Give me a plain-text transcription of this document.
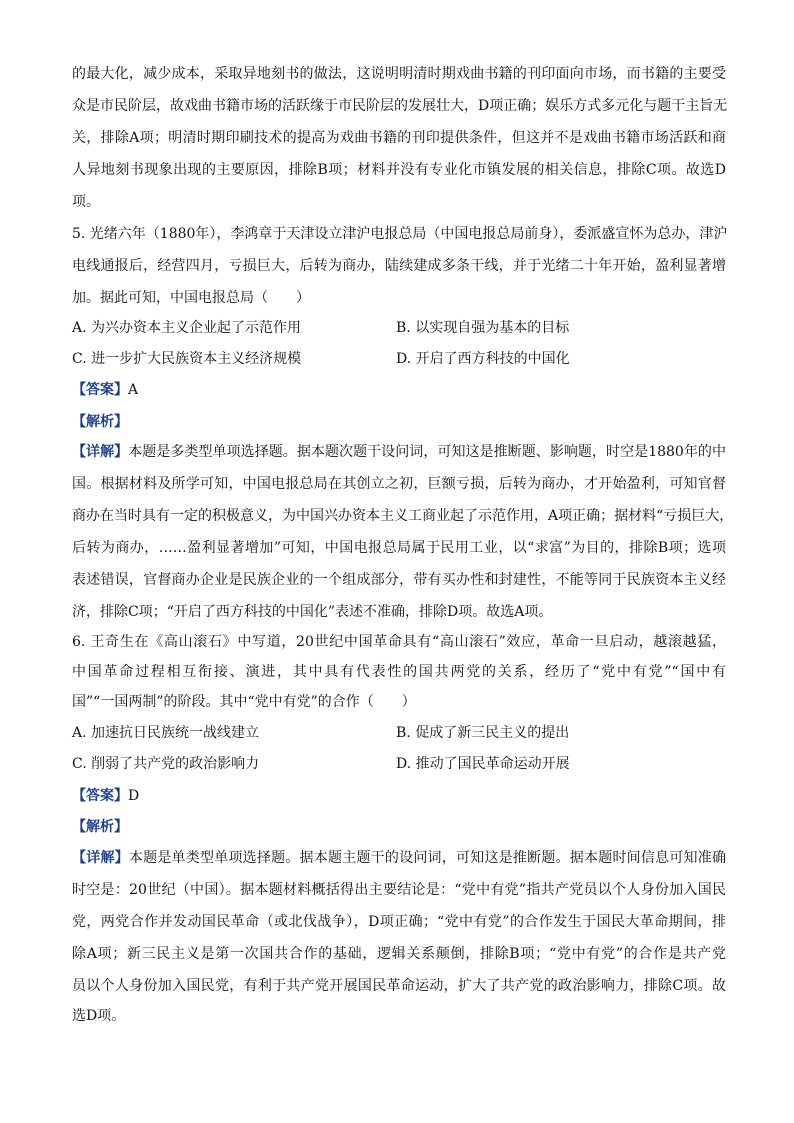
的最大化，减少成本，采取异地刻书的做法，这说明明清时期戏曲书籍的刊印面向市场，而书籍的主要受
众是市民阶层，故戏曲书籍市场的活跃缘于市民阶层的发展壮大，D项正确；娱乐方式多元化与题干主旨无
关，排除A项；明清时期印刷技术的提高为戏曲书籍的刊印提供条件，但这并不是戏曲书籍市场活跃和商
人异地刻书现象出现的主要原因，排除B项；材料并没有专业化市镇发展的相关信息，排除C项。故选D
项。
5. 光绪六年（1880年），李鸿章于天津设立津沪电报总局（中国电报总局前身），委派盛宣怀为总办，津沪
电线通报后，经营四月，亏损巨大，后转为商办，陆续建成多条干线，并于光绪二十年开始，盈利显著增
加。据此可知，中国电报总局（　　）
A. 为兴办资本主义企业起了示范作用	B. 以实现自强为基本的目标
C. 进一步扩大民族资本主义经济规模	D. 开启了西方科技的中国化
【答案】A
【解析】
【详解】本题是多类型单项选择题。据本题次题干设问词，可知这是推断题、影响题，时空是1880年的中
国。根据材料及所学可知，中国电报总局在其创立之初，巨额亏损，后转为商办，才开始盈利，可知官督
商办在当时具有一定的积极意义，为中国兴办资本主义工商业起了示范作用，A项正确；据材料“亏损巨大，
后转为商办，……盈利显著增加”可知，中国电报总局属于民用工业，以“求富”为目的，排除B项；选项
表述错误，官督商办企业是民族企业的一个组成部分，带有买办性和封建性，不能等同于民族资本主义经
济，排除C项；“开启了西方科技的中国化”表述不准确，排除D项。故选A项。
6. 王奇生在《高山滚石》中写道，20世纪中国革命具有“高山滚石”效应，革命一旦启动，越滚越猛，
中国革命过程相互衔接、演进，其中具有代表性的国共两党的关系，经历了“党中有党”“国中有
国”“一国两制”的阶段。其中“党中有党”的合作（　　）
A. 加速抗日民族统一战线建立	B. 促成了新三民主义的提出
C. 削弱了共产党的政治影响力	D. 推动了国民革命运动开展
【答案】D
【解析】
【详解】本题是单类型单项选择题。据本题主题干的设问词，可知这是推断题。据本题时间信息可知准确
时空是：20世纪（中国）。据本题材料概括得出主要结论是：“党中有党”指共产党员以个人身份加入国民
党，两党合作并发动国民革命（或北伐战争），D项正确；“党中有党”的合作发生于国民大革命期间，排
除A项；新三民主义是第一次国共合作的基础，逻辑关系颠倒，排除B项；“党中有党”的合作是共产党
员以个人身份加入国民党，有利于共产党开展国民革命运动，扩大了共产党的政治影响力，排除C项。故
选D项。
